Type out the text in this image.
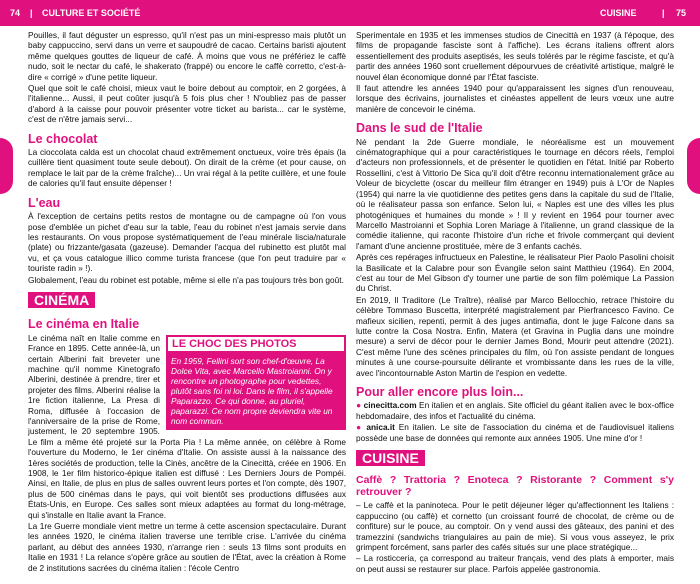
74 | CULTURE ET SOCIÉTÉ	CUISINE	| 75

Pouilles, il faut déguster un espresso, qu'il n'est pas un mini-espresso mais plutôt un baby cappuccino, servi dans un verre et saupoudré de cacao. Certains baristi ajoutent même quelques gouttes de liqueur de café. À moins que vous ne préfériez le caffè nudo, soit le nectar du café, le shakerato (frappé) ou encore le caffè corretto, c'est-à-dire « corrigé » d'une petite liqueur.

Quel que soit le café choisi, mieux vaut le boire debout au comptoir, en 2 gorgées, à l'italienne... Aussi, il peut coûter jusqu'à 5 fois plus cher ! N'oubliez pas de passer d'abord à la caisse pour pouvoir présenter votre ticket au barista... car le système, c'est de n'être jamais servi...

Le chocolat

La cioccolata calda est un chocolat chaud extrêmement onctueux, voire très épais (la cuillère tient quasiment toute seule debout). On dirait de la crème (et pour cause, on remplace le lait par de la crème fraîche)... Un vrai régal à la petite cuillère, et une foule de calories qu'il faut ensuite dépenser !

L'eau

À l'exception de certains petits restos de montagne ou de campagne où l'on vous pose d'emblée un pichet d'eau sur la table, l'eau du robinet n'est jamais servie dans les restaurants. On vous propose systématiquement de l'eau minérale liscia/naturale (plate) ou frizzante/gasata (gazeuse). Demander l'acqua del rubinetto est plutôt mal vu, et ça vous catalogue illico comme turista francese (que l'on peut traduire par « touriste radin » !).

Globalement, l'eau du robinet est potable, même si elle n'a pas toujours très bon goût.

CINÉMA
Le cinéma en Italie
LE CHOC DES PHOTOS
En 1959, Fellini sort son chef-d'œuvre, La Dolce Vita, avec Marcello Mastroianni. On y rencontre un photographe pour vedettes, plutôt sans foi ni loi. Dans le film, il s'appelle Paparazzo. Ce qui donne, au pluriel, paparazzi. Ce nom propre deviendra vite un nom commun.

Le cinéma naît en Italie comme en France en 1895. Cette année-là, un certain Alberini fait breveter une machine qu'il nomme Kinetografo Alberini, destinée à prendre, tirer et projeter des films. Alberini réalise la 1re fiction italienne, La Presa di Roma, diffusée à l'occasion de l'anniversaire de la prise de Rome, justement, le 20 septembre 1905. Le film a même été projeté sur la Porta Pia ! La même année, on célèbre à Rome l'ouverture du Moderno, le 1er cinéma d'Italie. On assiste aussi à la naissance des 1ères sociétés de production, telle la Cinès, ancêtre de la Cinecittà, créée en 1906. En 1908, le 1er film historico-épique italien est diffusé : Les Derniers Jours de Pompéi. Ainsi, en Italie, de plus en plus de salles ouvrent leurs portes et l'on compte, dès 1907, plus de 500 cinémas dans le pays, qui voit bientôt ses productions diffusées aux États-Unis, en Europe. Ces salles sont mieux adaptées au format du long-métrage, qui s'installe en Italie avant la France.

La 1re Guerre mondiale vient mettre un terme à cette ascension spectaculaire. Durant les années 1920, le cinéma italien traverse une terrible crise. L'arrivée du cinéma parlant, au début des années 1930, n'arrange rien : seuls 13 films sont produits en Italie en 1931 ! La relance s'opère grâce au soutien de l'État, avec la création à Rome de 2 institutions sacrées du cinéma italien : l'école Centro

Sperimentale en 1935 et les immenses studios de Cinecittà en 1937 (à l'époque, des films de propagande fasciste sont à l'affiche). Les écrans italiens offrent alors essentiellement des produits aseptisés, les seuls tolérés par le régime fasciste, et qu'à partir des années 1960 sont cruellement dépourvues de créativité artistique, malgré le nouvel élan économique donné par l'État fasciste.

Il faut attendre les années 1940 pour qu'apparaissent les signes d'un renouveau, lorsque des écrivains, journalistes et cinéastes appellent de leurs vœux une autre manière de concevoir le cinéma.

Dans le sud de l'Italie

Né pendant la 2de Guerre mondiale, le néoréalisme est un mouvement cinématographique qui a pour caractéristiques le tournage en décors réels, l'emploi d'acteurs non professionnels, et de présenter le quotidien en l'état. Initié par Roberto Rossellini, c'est à Vittorio De Sica qu'il doit d'être reconnu internationalement grâce au Voleur de bicyclette (oscar du meilleur film étranger en 1949) puis à L'Or de Naples (1954) qui narre la vie quotidienne des petites gens dans la capitale du sud de l'Italie, où le réalisateur passa son enfance. Selon lui, « Naples est une des villes les plus photogéniques et humaines du monde » ! Il y revient en 1964 pour tourner avec Marcello Mastroianni et Sophia Loren Mariage à l'italienne, un grand classique de la comédie italienne, qui raconte l'histoire d'un riche et frivole commerçant qui devient l'amant d'une ancienne prostituée, mère de 3 enfants cachés.

Après ces repérages infructueux en Palestine, le réalisateur Pier Paolo Pasolini choisit la Basilicate et la Calabre pour son Évangile selon saint Matthieu (1964). En 2004, c'est au tour de Mel Gibson d'y tourner une partie de son film polémique La Passion du Christ.

En 2019, Il Traditore (Le Traître), réalisé par Marco Bellocchio, retrace l'histoire du célèbre Tommaso Buscetta, interprété magistralement par Pierfrancesco Favino. Ce mafieux sicilien, repenti, permit à des juges antimafia, dont le juge Falcone dans sa lutte contre la Cosa Nostra. Enfin, Matera (et Gravina in Puglia dans une moindre mesure) a servi de décor pour le dernier James Bond, Mourir peut attendre (2021). C'est même l'une des scènes principales du film, où l'on assiste pendant de longues minutes à une course-poursuite délirante et vrombissante dans les rues de la ville, avec l'incontournable Aston Martin de l'espion en vedette.

Pour aller encore plus loin...

● cinecitta.com En italien et en anglais. Site officiel du géant italien avec le box-office hebdomadaire, des infos et l'actualité du cinéma.

● anica.it En italien. Le site de l'association du cinéma et de l'audiovisuel italiens possède une base de données qui remonte aux années 1905. Une mine d'or !

CUISINE
Caffè ? Trattoria ? Enoteca ? Ristorante ? Comment s'y retrouver ?

– Le caffè et la paninoteca. Pour le petit déjeuner léger qu'affectionnent les Italiens : cappuccino (ou caffè) et cornetto (un croissant fourré de chocolat, de crème ou de confiture) sur le pouce, au comptoir. On y vend aussi des gâteaux, des panini et des tramezzini (sandwichs triangulaires au pain de mie). Si vous vous asseyez, le prix grimpent forcément, sans parler des cafés situés sur une place stratégique...

– La rosticceria, ça correspond au traiteur français, vend des plats à emporter, mais on peut aussi se restaurer sur place. Parfois appelée gastronomia.
